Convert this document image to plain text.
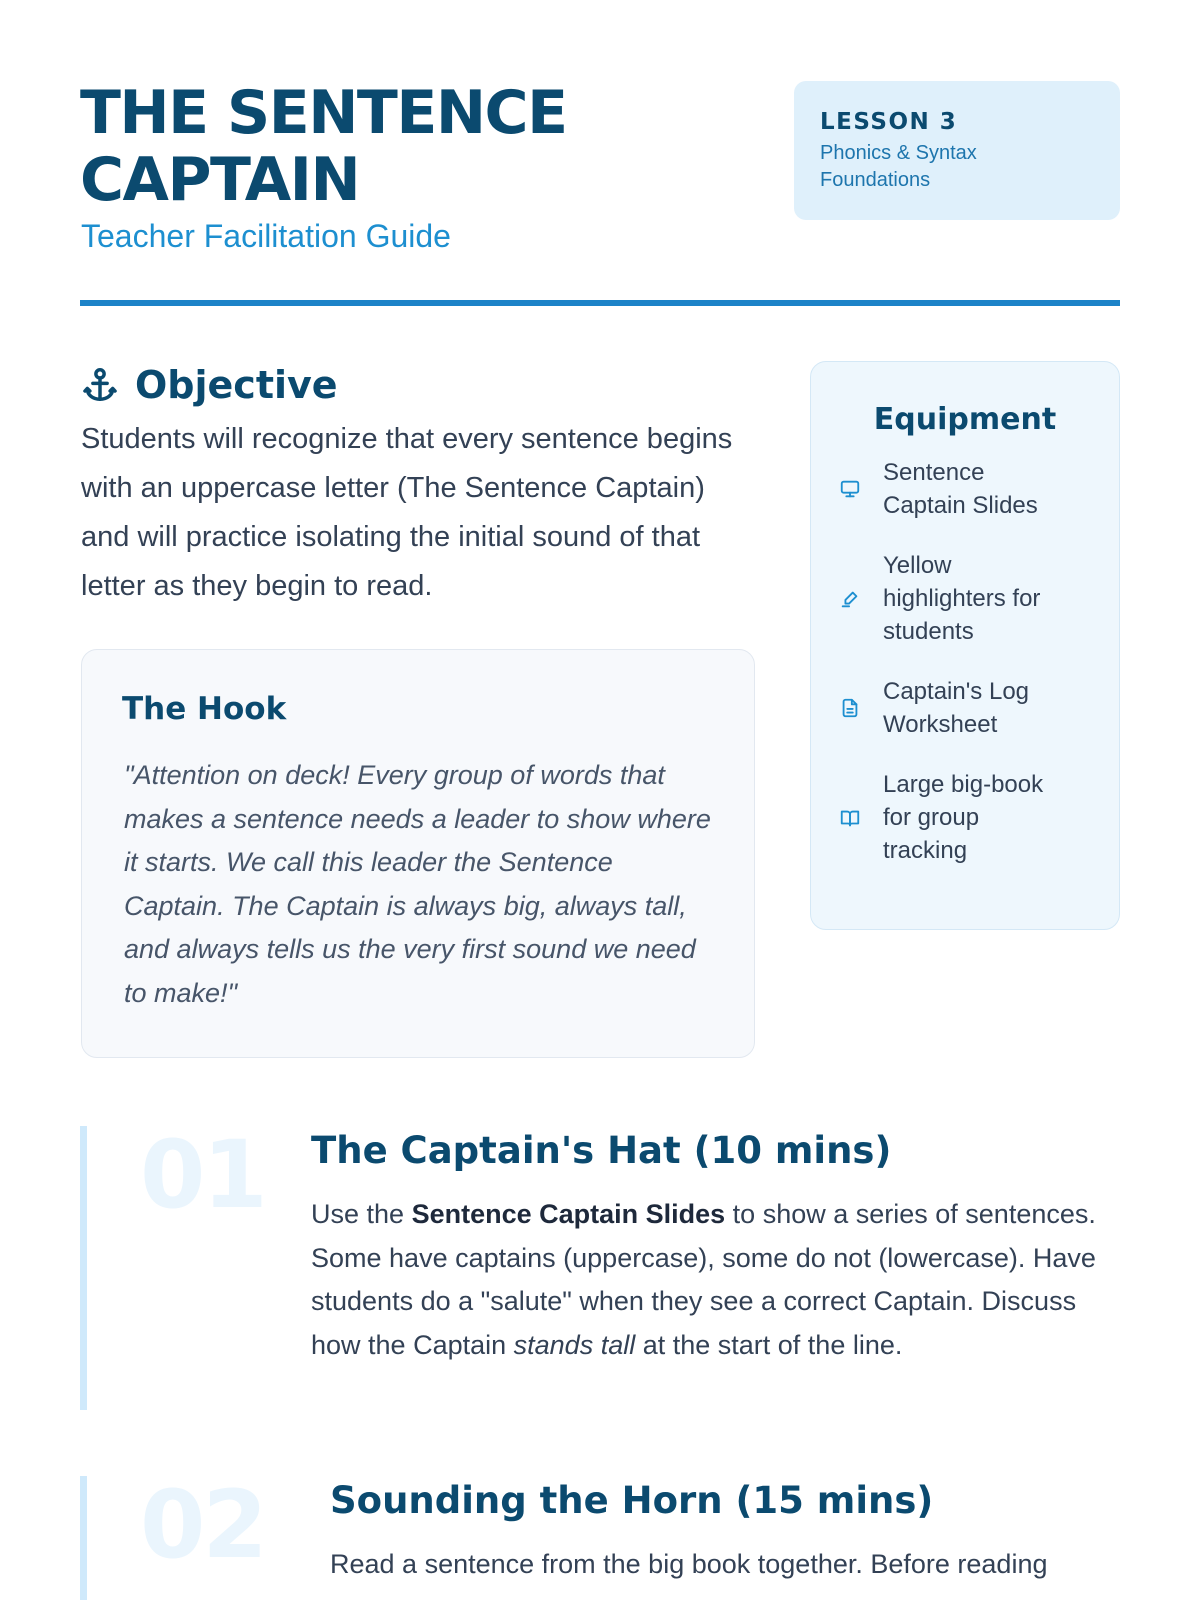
THE SENTENCE CAPTAIN
Teacher Facilitation Guide
LESSON 3
Phonics & Syntax Foundations
Objective

Students will recognize that every sentence begins with an uppercase letter (The Sentence Captain) and will practice isolating the initial sound of that letter as they begin to read.

The Hook

"Attention on deck! Every group of words that makes a sentence needs a leader to show where it starts. We call this leader the Sentence Captain. The Captain is always big, always tall, and always tells us the very first sound we need to make!"

Equipment
Sentence Captain Slides
Yellow highlighters for students
Captain's Log Worksheet
Large big-book for group tracking
01 The Captain's Hat (10 mins)

Use the Sentence Captain Slides to show a series of sentences. Some have captains (uppercase), some do not (lowercase). Have students do a "salute" when they see a correct Captain. Discuss how the Captain stands tall at the start of the line.

02 Sounding the Horn (15 mins)

Read a sentence from the big book together. Before reading
